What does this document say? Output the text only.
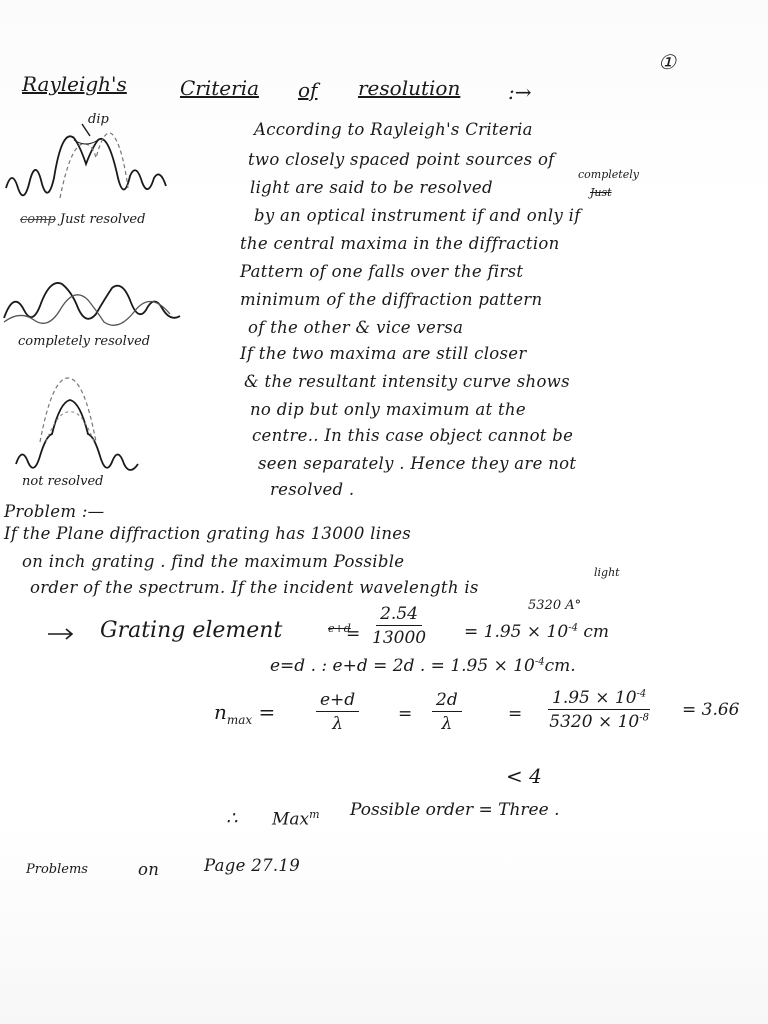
①
Rayleigh's	Criteria of resolution :→
dip
comp Just resolved
completely resolved
not resolved
According to Rayleigh's Criteria
two closely spaced point sources of
light are said to be resolved
completely
Just
by an optical instrument if and only if
the central maxima in the diffraction
Pattern of one falls over the first
minimum of the diffraction pattern
of the other & vice versa
If the two maxima are still closer
& the resultant intensity curve shows
no dip but only maximum at the
centre.. In this case object cannot be
seen separately . Hence they are not
resolved .
Problem :—
If the Plane diffraction grating has 13000 lines
on inch grating . find the maximum Possible
light
order of the spectrum. If the incident wavelength is
5320 A°
Grating element	e+d
= $\frac{2.54}{13000} = 1.95 \times 10^{-4}$ cm
e=d . : e+d = 2d . = $1.95 \times 10^{-4}cm$.
$n_{max} = \frac{e+d}{\lambda} = \frac{2d}{\lambda}$	= $\frac{1.95 \times 10^{-4}}{5320 \times 10^{-8}} = 3.66$
< 4
∴ Max$^m$ Possible order = Three .
Problems	on	Page 27.19
